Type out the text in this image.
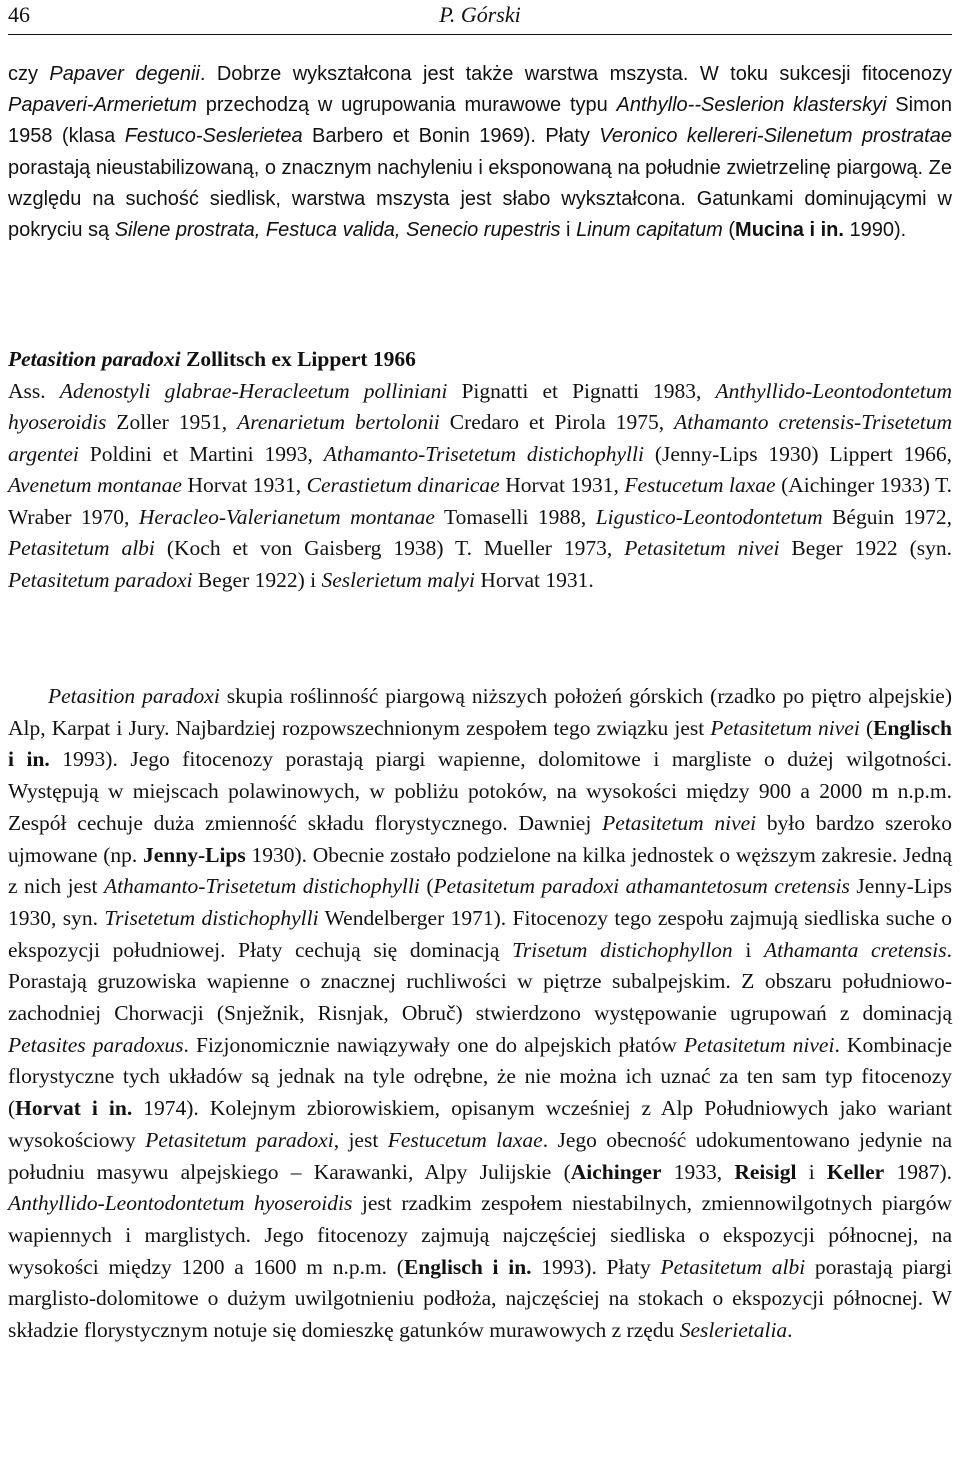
46	P. Górski

czy Papaver degenii. Dobrze wykształcona jest także warstwa mszysta. W toku sukcesji fitocenozy Papaveri-Armerietum przechodzą w ugrupowania murawowe typu Anthyllo--Seslerion klasterskyi Simon 1958 (klasa Festuco-Seslerietea Barbero et Bonin 1969). Płaty Veronico kellereri-Silenetum prostratae porastają nieustabilizowaną, o znacznym nachyleniu i eksponowaną na południe zwietrzelinę piargową. Ze względu na suchość siedlisk, warstwa mszysta jest słabo wykształcona. Gatunkami dominującymi w pokryciu są Silene prostrata, Festuca valida, Senecio rupestris i Linum capitatum (Mucina i in. 1990).

Petasition paradoxi Zollitsch ex Lippert 1966
Ass. Adenostyli glabrae-Heracleetum polliniani Pignatti et Pignatti 1983, Anthyllido-Leontodontetum hyoseroidis Zoller 1951, Arenarietum bertolonii Credaro et Pirola 1975, Athamanto cretensis-Trisetetum argentei Poldini et Martini 1993, Athamanto-Trisetetum distichophylli (Jenny-Lips 1930) Lippert 1966, Avenetum montanae Horvat 1931, Cerastietum dinaricae Horvat 1931, Festucetum laxae (Aichinger 1933) T. Wraber 1970, Heracleo-Valerianetum montanae Tomaselli 1988, Ligustico-Leontodontetum Béguin 1972, Petasitetum albi (Koch et von Gaisberg 1938) T. Mueller 1973, Petasitetum nivei Beger 1922 (syn. Petasitetum paradoxi Beger 1922) i Seslerietum malyi Horvat 1931.

Petasition paradoxi skupia roślinność piargową niższych położeń górskich (rzadko po piętro alpejskie) Alp, Karpat i Jury. Najbardziej rozpowszechnionym zespołem tego związku jest Petasitetum nivei (Englisch i in. 1993). Jego fitocenozy porastają piargi wapienne, dolomitowe i margliste o dużej wilgotności. Występują w miejscach polawinowych, w pobliżu potoków, na wysokości między 900 a 2000 m n.p.m. Zespół cechuje duża zmienność składu florystycznego. Dawniej Petasitetum nivei było bardzo szeroko ujmowane (np. Jenny-Lips 1930). Obecnie zostało podzielone na kilka jednostek o węższym zakresie. Jedną z nich jest Athamanto-Trisetetum distichophylli (Petasitetum paradoxi athamantetosum cretensis Jenny-Lips 1930, syn. Trisetetum distichophylli Wendelberger 1971). Fitocenozy tego zespołu zajmują siedliska suche o ekspozycji południowej. Płaty cechują się dominacją Trisetum distichophyllon i Athamanta cretensis. Porastają gruzowiska wapienne o znacznej ruchliwości w piętrze subalpejskim. Z obszaru południowo-zachodniej Chorwacji (Snježnik, Risnjak, Obruč) stwierdzono występowanie ugrupowań z dominacją Petasites paradoxus. Fizjonomicznie nawiązywały one do alpejskich płatów Petasitetum nivei. Kombinacje florystyczne tych układów są jednak na tyle odrębne, że nie można ich uznać za ten sam typ fitocenozy (Horvat i in. 1974). Kolejnym zbiorowiskiem, opisanym wcześniej z Alp Południowych jako wariant wysokościowy Petasitetum paradoxi, jest Festucetum laxae. Jego obecność udokumentowano jedynie na południu masywu alpejskiego – Karawanki, Alpy Julijskie (Aichinger 1933, Reisigl i Keller 1987). Anthyllido-Leontodontetum hyoseroidis jest rzadkim zespołem niestabilnych, zmiennowilgotnych piargów wapiennych i marglistych. Jego fitocenozy zajmują najczęściej siedliska o ekspozycji północnej, na wysokości między 1200 a 1600 m n.p.m. (Englisch i in. 1993). Płaty Petasitetum albi porastają piargi marglisto-dolomitowe o dużym uwilgotnieniu podłoża, najczęściej na stokach o ekspozycji północnej. W składzie florystycznym notuje się domieszkę gatunków murawowych z rzędu Seslerietalia.
